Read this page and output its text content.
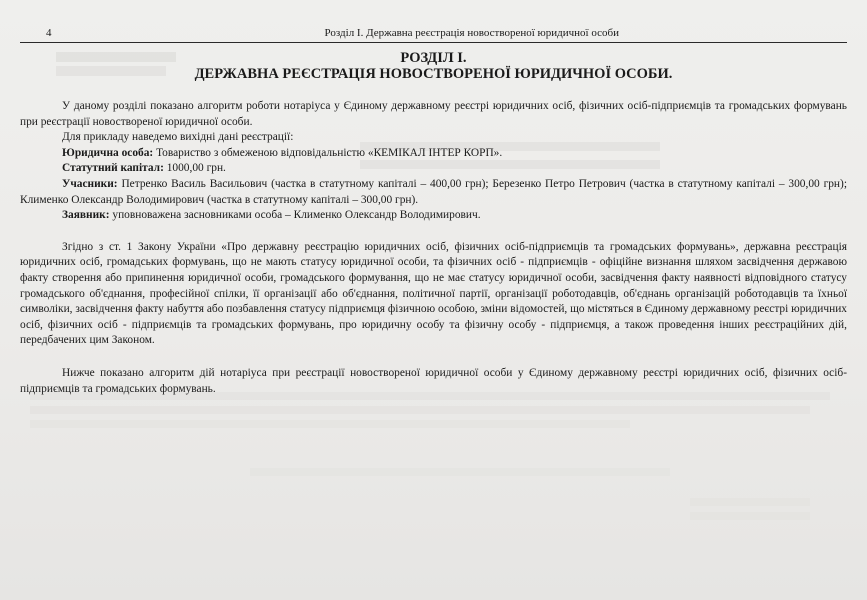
4	Розділ І. Державна реєстрація новоствореної юридичної особи
РОЗДІЛ І.
ДЕРЖАВНА РЕЄСТРАЦІЯ НОВОСТВОРЕНОЇ ЮРИДИЧНОЇ ОСОБИ.

У даному розділі показано алгоритм роботи нотаріуса у Єдиному державному реєстрі юридичних осіб, фізичних осіб-підприємців та громадських формувань при реєстрації новоствореної юридичної особи.

Для прикладу наведемо вихідні дані реєстрації:

Юридична особа: Товариство з обмеженою відповідальністю «КЕМІКАЛ ІНТЕР КОРП».

Статутний капітал: 1000,00 грн.

Учасники: Петренко Василь Васильович (частка в статутному капіталі – 400,00 грн); Березенко Петро Петрович (частка в статутному капіталі – 300,00 грн); Клименко Олександр Володимирович (частка в статутному капіталі – 300,00 грн).

Заявник: уповноважена засновниками особа – Клименко Олександр Володимирович.

Згідно з ст. 1 Закону України «Про державну реєстрацію юридичних осіб, фізичних осіб-підприємців та громадських формувань», державна реєстрація юридичних осіб, громадських формувань, що не мають статусу юридичної особи, та фізичних осіб - підприємців - офіційне визнання шляхом засвідчення державою факту створення або припинення юридичної особи, громадського формування, що не має статусу юридичної особи, засвідчення факту наявності відповідного статусу громадського об'єднання, професійної спілки, її організації або об'єднання, політичної партії, організації роботодавців, об'єднань організацій роботодавців та їхньої символіки, засвідчення факту набуття або позбавлення статусу підприємця фізичною особою, зміни відомостей, що містяться в Єдиному державному реєстрі юридичних осіб, фізичних осіб - підприємців та громадських формувань, про юридичну особу та фізичну особу - підприємця, а також проведення інших реєстраційних дій, передбачених цим Законом.

Нижче показано алгоритм дій нотаріуса при реєстрації новоствореної юридичної особи у Єдиному державному реєстрі юридичних осіб, фізичних осіб-підприємців та громадських формувань.
